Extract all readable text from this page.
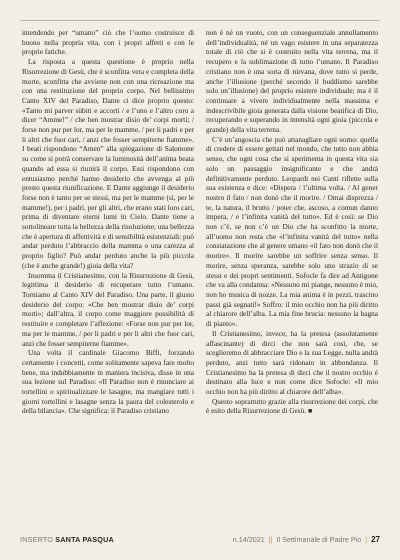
intendendo per “umano” ciò che l’uomo costruisce di buono nella propria vita, con i propri affetti e con le proprie fatiche.

La risposta a questa questione è proprio nella Risurrezione di Gesù, che è sconfitta vera e completa della morte, sconfitta che avviene non con una ricreazione ma con una restituzione del proprio corpo. Nel bellissimo Canto XIV del Paradiso, Dante ci dice proprio questo: «Tanto mi parver sùbiti e accorti / e l’uno e l’altro coro a dicer “Amme!” / che ben mostrar disio de’ corpi morti; / forse non pur per lor, ma per le mamme, / per li padri e per li altri che fuor cari, / anzi che fosser sempiterne fiamme». I beati rispondono “Amen” alla spiegazione di Salomone su come si potrà conservare la luminosità dell’anima beata quando ad essa si riunirà il corpo. Essi rispondono con entusiasmo perché hanno desiderio che avvenga al più presto questa riunificazione. E Dante aggiunge il desiderio forse non è tanto per se stessi, ma per le mamme (sì, per le mamme!), per i padri, per gli altri, che erano stati loro cari, prima di diventare eterni lumi in Cielo. Dante tiene a sottolineare tutta la bellezza della risoluzione; una bellezza che è apertura di affettività e di sensibilità esistenziali: può andar perduto l’abbraccio della mamma o una carezza al proprio figlio? Può andar perduto anche la più piccola (che è anche grande!) gioia della vita?

Insomma il Cristianesimo, con la Risurrezione di Gesù, legittima il desiderio di recuperare tutto l’umano. Torniamo al Canto XIV del Paradiso. Una parte, il giusto desiderio del corpo: «Che ben mostrar disio de’ corpi morti»; dall’altra, il corpo come maggiore possibilità di restituire e completare l’affezione: «Forse non pur per lor, ma per le mamme, / per li padri e per li altri che fuor cari, anzi che fosser sempiterne fiamme».

Una volta il cardinale Giacomo Biffi, forzando certamente i concetti, come solitamente sapeva fare molto bene, ma indubbiamente in maniera incisiva, disse in una sua lezione sul Paradiso: «Il Paradiso non è rinunciare ai tortellini o spiritualizzare le lasagne, ma mangiare tutti i giorni tortellini e lasagne senza la paura del colesterolo e della bilancia». Che significa: il Paradiso cristiano

non è né un vuoto, con un conseguenziale annullamento dell’individualità, né un vago esistere in una separatezza totale di ciò che si è costruito nella vita terrena, ma il recupero e la sublimazione di tutto l’umano. Il Paradiso cristiano non è una sorta di nirvana, dove tutto si perde, anche l’illusione (perché secondo il buddismo sarebbe solo un’illusione) del proprio esistere individuale; ma è il continuare a vivere individualmente nella massima e indescrivibile gioia generata dalla visione beatifica di Dio, recuperando e superando in intensità ogni gioia (piccola e grande) della vita terrena.

C’è un’angoscia che può attanagliare ogni uomo: quella di credere di essere gettati nel mondo, che tutto non abbia senso, che ogni cosa che si sperimenta in questa vita sia solo un passaggio insignificante e che andrà definitivamente perduto. Leopardi nei Canti riflette sulla sua esistenza e dice: «Dispera / l’ultima volta. / Al gener nostro il fato / non donò che il morire. / Omai disprezza / te, la natura, il brutto / poter che, ascoso, a comun danno impera, / e l’infinita vanità del tutto». Ed è così: se Dio non c’è, se non c’è un Dio che ha sconfitto la morte, all’uomo non resta che «l’infinita vanità del tutto» nella constatazione che al genere umano «il fato non donò che il morire». Il morire sarebbe un soffrire senza senso. Il morire, senza speranza, sarebbe solo uno strazio di se stessi e dei propri sentimenti. Sofocle fa dire ad Antigone che va alla condanna: «Nessuno mi piange, nessuno è mio, non ho musica di nozze. La mia anima è in pezzi, trascino passi già segnati!» Soffro: il mio occhio non ha più diritto al chiarore dell’alba. La mia fine brucia: nessuno la bagna di pianto».

Il Cristianesimo, invece, ha la pretesa (assolutamente affascinante) di dirci che non sarà così, che, se sceglieremo di abbracciare Dio e la sua Legge, nulla andrà perduto, anzi tutto sarà ridonato in abbondanza. Il Cristianesimo ha la pretesa di dirci che il nostro occhio è destinato alla luce e non come dice Sofocle: «Il mio occhio non ha più diritto al chiarore dell’alba».

Questo soprattutto grazie alla risurrezione dei corpi, che è esito della Risurrezione di Gesù. ■

INSERTO SANTA PASQUA	n.14/2021 || Il Settimanale di Padre Pio | 27
